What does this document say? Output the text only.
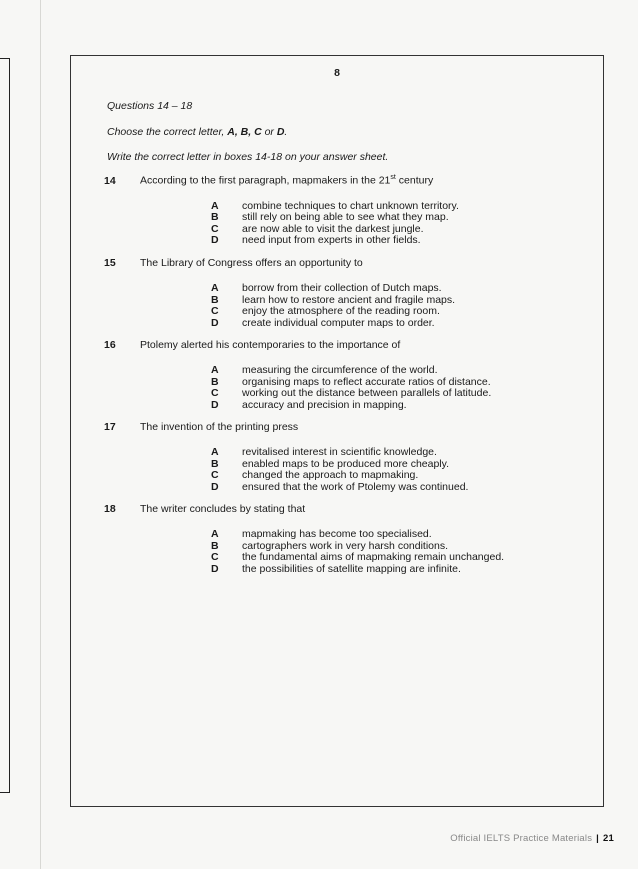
8
Questions 14 – 18
Choose the correct letter, A, B, C or D.
Write the correct letter in boxes 14-18 on your answer sheet.
14	According to the first paragraph, mapmakers in the 21st century
A	combine techniques to chart unknown territory.
B	still rely on being able to see what they map.
C	are now able to visit the darkest jungle.
D	need input from experts in other fields.
15	The Library of Congress offers an opportunity to
A	borrow from their collection of Dutch maps.
B	learn how to restore ancient and fragile maps.
C	enjoy the atmosphere of the reading room.
D	create individual computer maps to order.
16	Ptolemy alerted his contemporaries to the importance of
A	measuring the circumference of the world.
B	organising maps to reflect accurate ratios of distance.
C	working out the distance between parallels of latitude.
D	accuracy and precision in mapping.
17	The invention of the printing press
A	revitalised interest in scientific knowledge.
B	enabled maps to be produced more cheaply.
C	changed the approach to mapmaking.
D	ensured that the work of Ptolemy was continued.
18	The writer concludes by stating that
A	mapmaking has become too specialised.
B	cartographers work in very harsh conditions.
C	the fundamental aims of mapmaking remain unchanged.
D	the possibilities of satellite mapping are infinite.
Official IELTS Practice Materials | 21
